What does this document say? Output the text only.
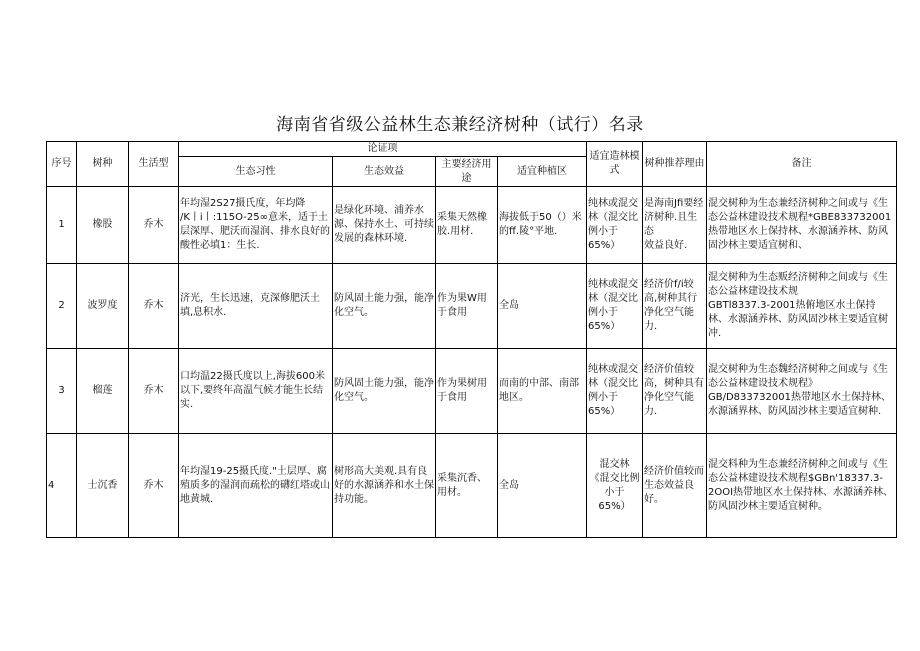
海南省省级公益林生态兼经济树种（试行）名录
序号	树种	生活型	论证项				适宜造林模式	树种推荐理由	备注
			生态习性	生态效益	主要经济用途	适宜种植区			
1	橡股	乔木	年均湿2S27摄氏度，年均降
/K丨i丨:115O-25∞意米，适于土层深厚、肥沃而湿润、排水良好的酸性必填1：生长.	是绿化环境、浦养水源、保持水土、可持续发展的森林环境.	采集天然橡胶.用材.	海拔低于50（）米的ff.陵°平地.	纯林或混交林（混交比例小于65%）	是海南Jfi要经济树种.且生态
效益良好.	混交树种为生态兼经济树种之间或与《生态公益林建设技术规程*GBE833732001热带地区水上保持林、水源涵养林、防风固沙林主要适宜树和、
2	波罗度	乔木	济光，生长迅速，克深修肥沃土填,息积水.	防风固土能力强，能净化空气。	作为果W用于食用	全岛	纯林或混交林（混交比例小于65%）	经济价f/i较高,树种其行净化空气能力.	混交树种为生态贩经济树种之间或与《生态公益林建设技术规
GBTl8337.3-2001热俯地区水土保持林、水源涵养林、防风固沙林主要适宜树冲.
3	榴莲	乔木	口均温22摄氏度以上,海拔600米以下,要终年高温气候才能生长结实.	防风固土能力强，能净化空气。	作为果树用于食用	而南的中部、南部地区。	纯林或混交林（混交比例小于65%）	经济价值较高，树种具有净化空气能力.	混交树种为生态魏经济树种之间或与《生态公益林建设技术规程》GB/D833732001热带地区水土保持林、水源涵界林、防风固沙林主要适宜树种.
4	士沉香	乔木	年均湿19-25摄氏度."土层厚、腐殖质多的湿润而疏松的礴红塔或山地黄城.	树形高大美观.具有良好的水源涵养和水土保持功能。	采集沉香、用材。	全岛	混交林
《混交比例小于
65%）	经济价值较而生态效益良好。	混交料种为生态兼经济树种之间或与《生态公益林建设技术规程$GBn'18337.3-2OOI热带地区水土保持林、水源涵养林、防风固沙林主要适宜树种。
